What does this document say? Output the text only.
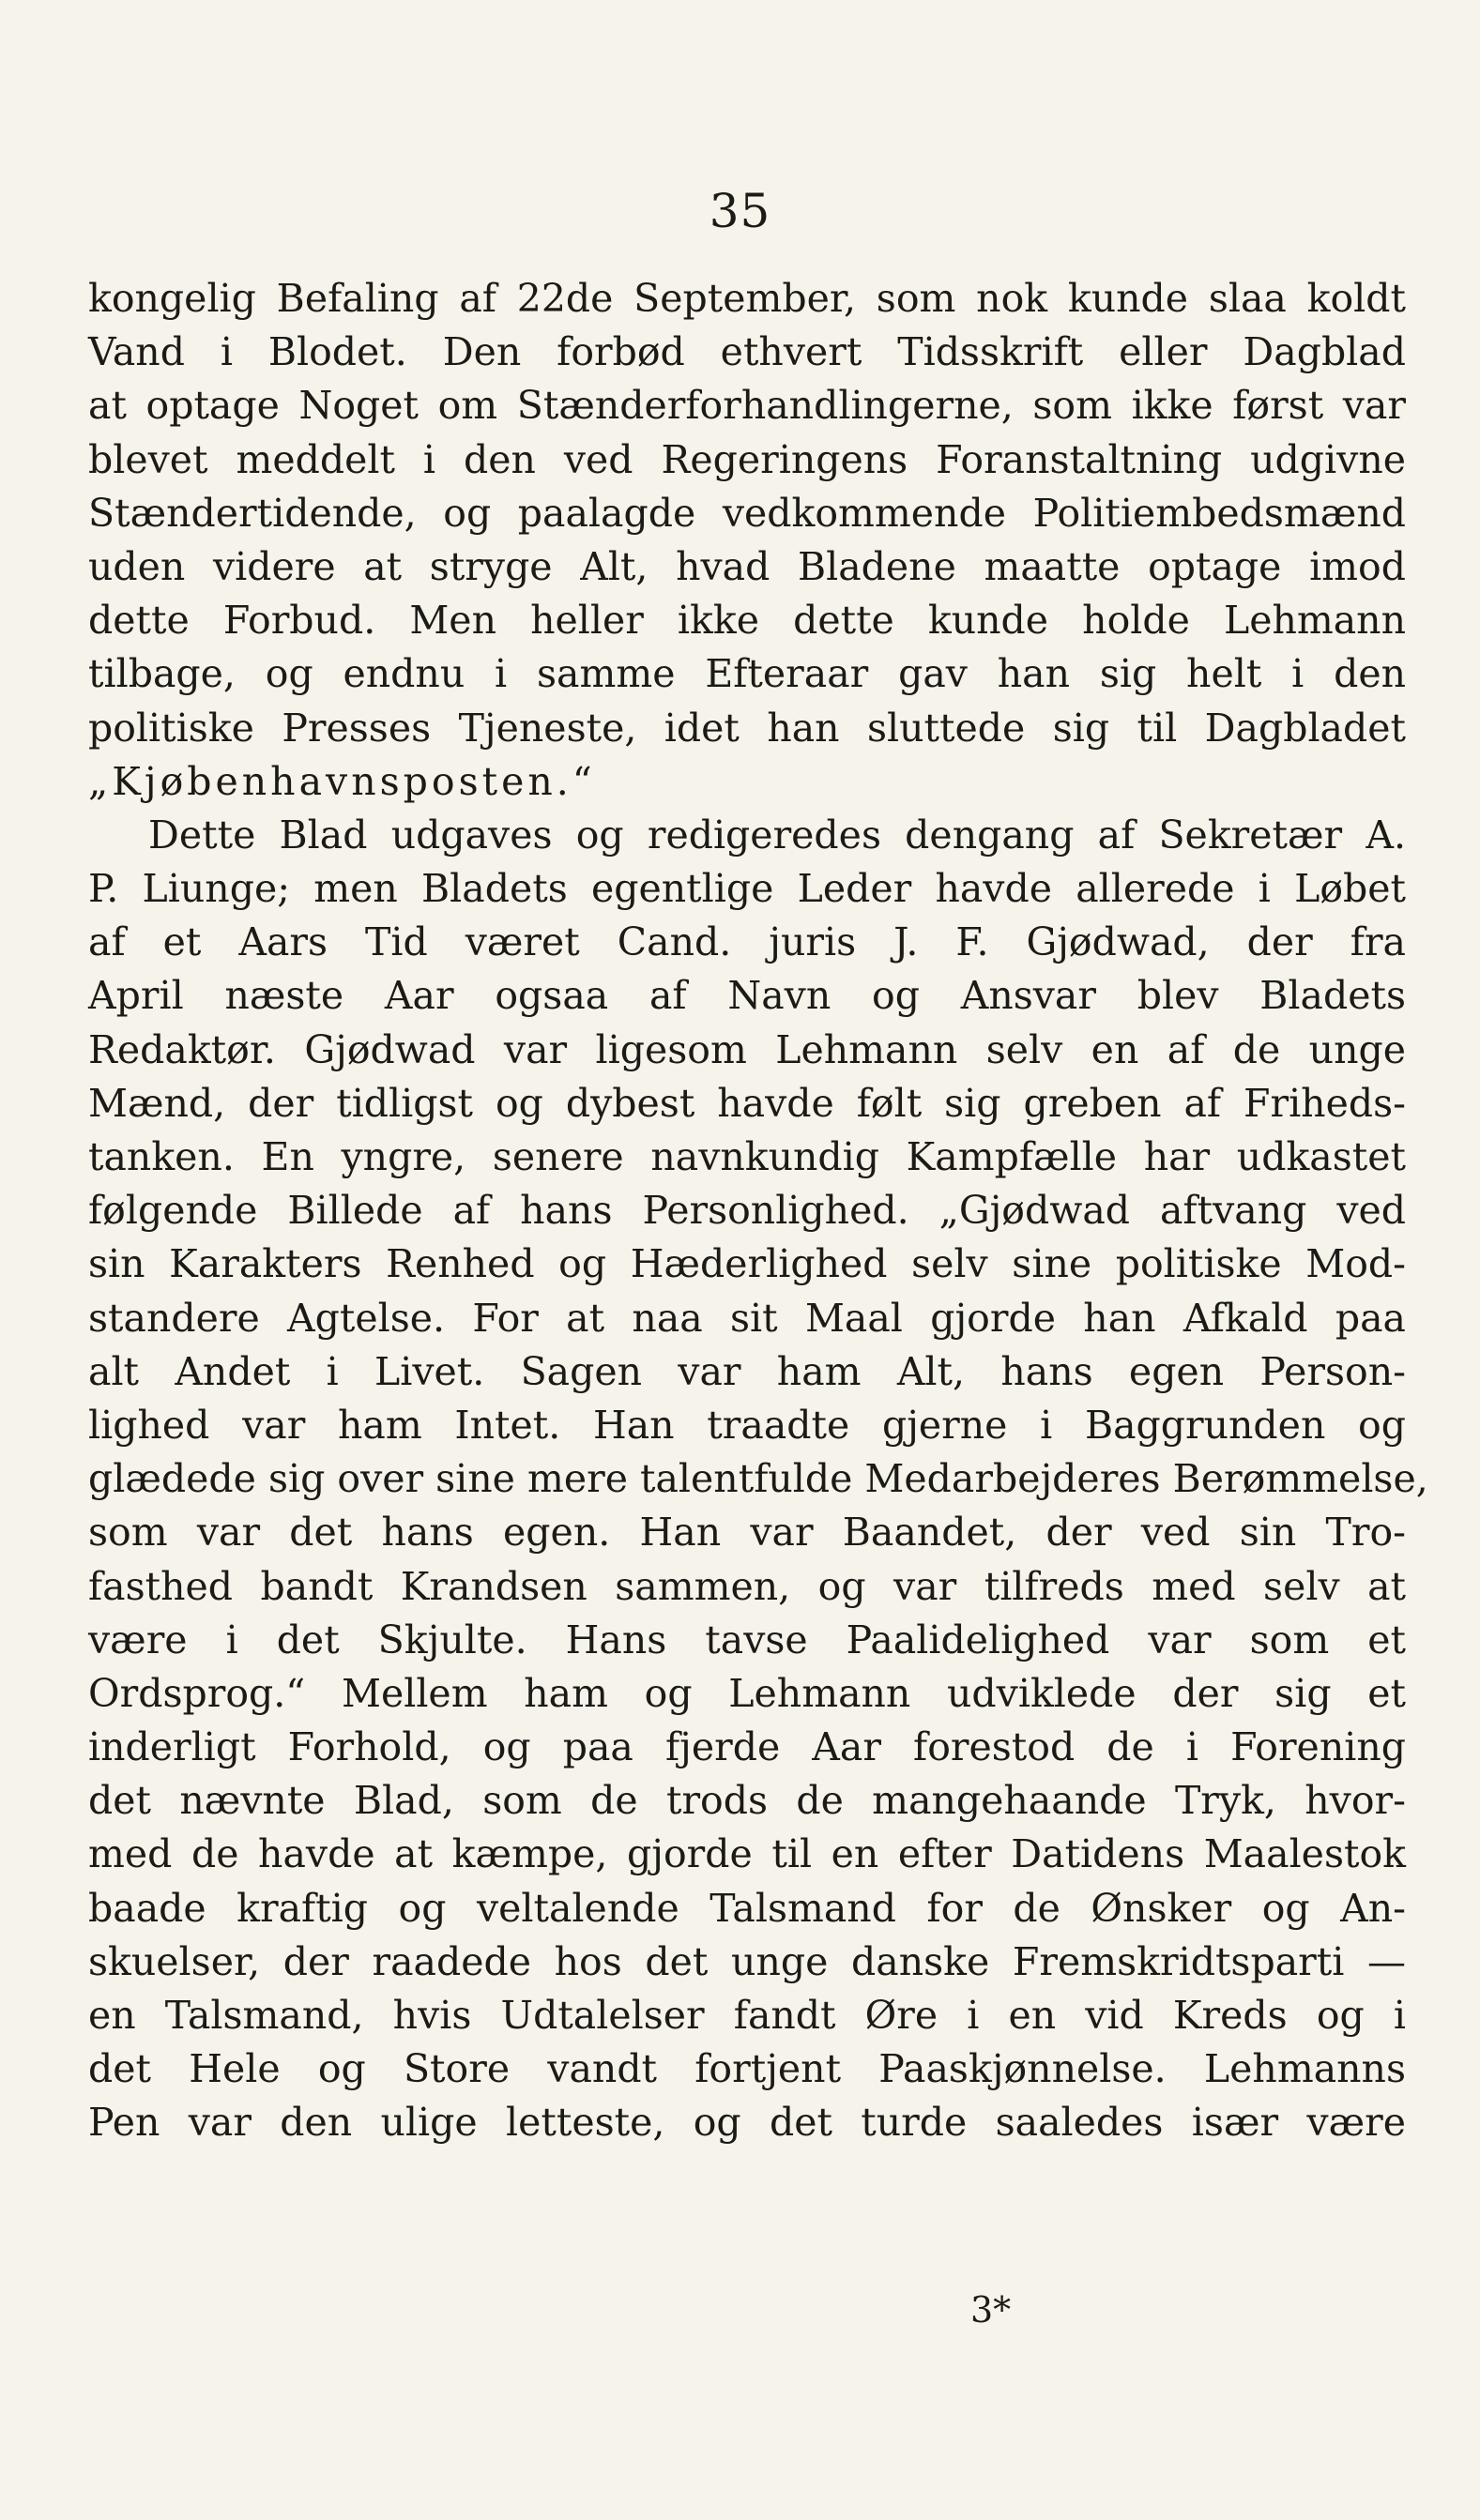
35
kongelig Befaling af 22de September, som nok kunde slaa koldt
Vand i Blodet. Den forbød ethvert Tidsskrift eller Dagblad
at optage Noget om Stænderforhandlingerne, som ikke først var
blevet meddelt i den ved Regeringens Foranstaltning udgivne
Stændertidende, og paalagde vedkommende Politiembedsmænd
uden videre at strygе Alt, hvad Bladene maatte optage imod
dette Forbud. Men heller ikke dette kunde holde Lehmann
tilbage, og endnu i samme Efteraar gav han sig helt i den
politiske Presses Tjeneste, idet han sluttede sig til Dagbladet
„Kjøbenhavnsposten.“
Dette Blad udgaves og redigeredes dengang af Sekretær A.
P. Liunge; men Bladets egentlige Leder havde allerede i Løbet
af et Aars Tid været Cand. juris J. F. Gjødwad, der fra
April næste Aar ogsaa af Navn og Ansvar blev Bladets
Redaktør. Gjødwad var ligesom Lehmann selv en af de unge
Mænd, der tidligst og dybest havde følt sig greben af Frihedѕ-
tanken. En yngre, senere navnkundig Kampfælle har udkastet
følgende Billede af hans Personlighed. „Gjødwad aftvang ved
sin Karakters Renhed og Hæderlighed selv sine politiske Mod-
standere Agtelse. For at naa sit Maal gjorde han Afkald paa
alt Andet i Livet. Sagen var ham Alt, hans egen Person-
lighed var ham Intet. Han traadte gjerne i Baggrunden og
glædede sig over sine mere talentfulde Medarbejderes Berømmelse,
som var det hans egen. Han var Baandet, der ved sin Tro-
fasthed bandt Krandsen sammen, og var tilfreds med selv at
være i det Skjulte. Hans tavse Paalidelighed var som et
Ordsprog.“ Mellem ham og Lehmann udviklede der sig et
inderligt Forhold, og paa fjerde Aar forestod de i Forening
det nævnte Blad, som de trods de mangehaande Tryk, hvor-
med de havde at kæmpe, gjorde til en efter Datidens Maalestok
baade kraftig og veltalende Talsmand for de Ønsker og An-
skuelser, der raadede hos det unge danske Fremskridtsparti —
en Talsmand, hvis Udtalelser fandt Øre i en vid Kreds og i
det Hele og Store vandt fortjent Paaskjønnelse. Lehmanns
Pen var den ulige letteste, og det turde saaledes især være
3*
